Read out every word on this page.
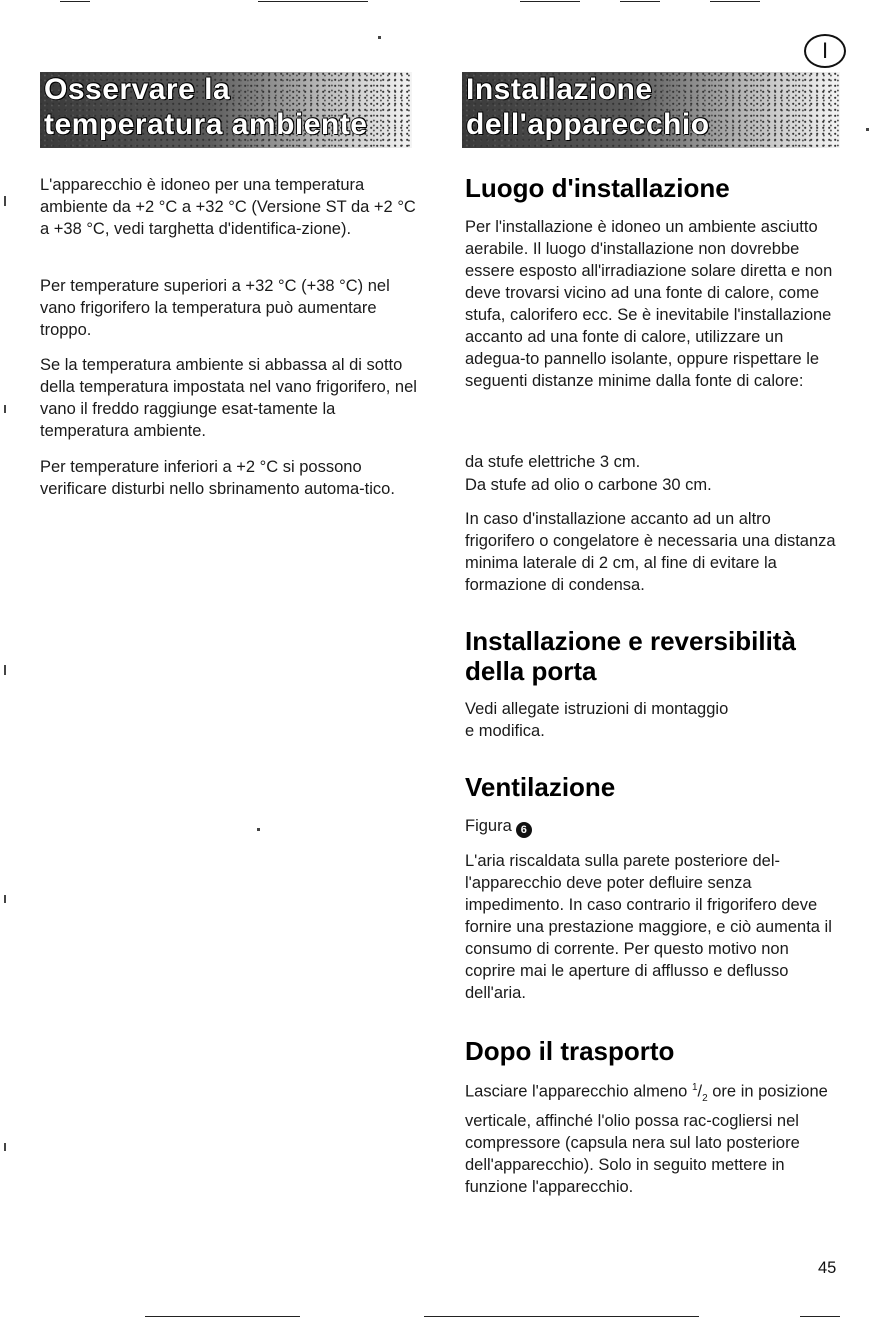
I
Osservare la
temperatura ambiente

L'apparecchio è idoneo per una temperatura ambiente da +2 °C a +32 °C (Versione ST da +2 °C a +38 °C, vedi targhetta d'identifica-zione).

Per temperature superiori a +32 °C (+38 °C) nel vano frigorifero la temperatura può aumentare troppo.

Se la temperatura ambiente si abbassa al di sotto della temperatura impostata nel vano frigorifero, nel vano il freddo raggiunge esat-tamente la temperatura ambiente.

Per temperature inferiori a +2 °C si possono verificare disturbi nello sbrinamento automa-tico.

Installazione
dell'apparecchio
Luogo d'installazione

Per l'installazione è idoneo un ambiente asciutto aerabile. Il luogo d'installazione non dovrebbe essere esposto all'irradiazione solare diretta e non deve trovarsi vicino ad una fonte di calore, come stufa, calorifero ecc. Se è inevitabile l'installazione accanto ad una fonte di calore, utilizzare un adegua-to pannello isolante, oppure rispettare le seguenti distanze minime dalla fonte di calore:

da stufe elettriche 3 cm.

Da stufe ad olio o carbone 30 cm.

In caso d'installazione accanto ad un altro frigorifero o congelatore è necessaria una distanza minima laterale di 2 cm, al fine di evitare la formazione di condensa.

Installazione e reversibilità
della porta

Vedi allegate istruzioni di montaggio

e modifica.

Ventilazione

Figura 6

L'aria riscaldata sulla parete posteriore del-l'apparecchio deve poter defluire senza impedimento. In caso contrario il frigorifero deve fornire una prestazione maggiore, e ciò aumenta il consumo di corrente. Per questo motivo non coprire mai le aperture di afflusso e deflusso dell'aria.

Dopo il trasporto

Lasciare l'apparecchio almeno $^1/_2$ ore in posizione verticale, affinché l'olio possa rac-cogliersi nel compressore (capsula nera sul lato posteriore dell'apparecchio). Solo in seguito mettere in funzione l'apparecchio.

45
